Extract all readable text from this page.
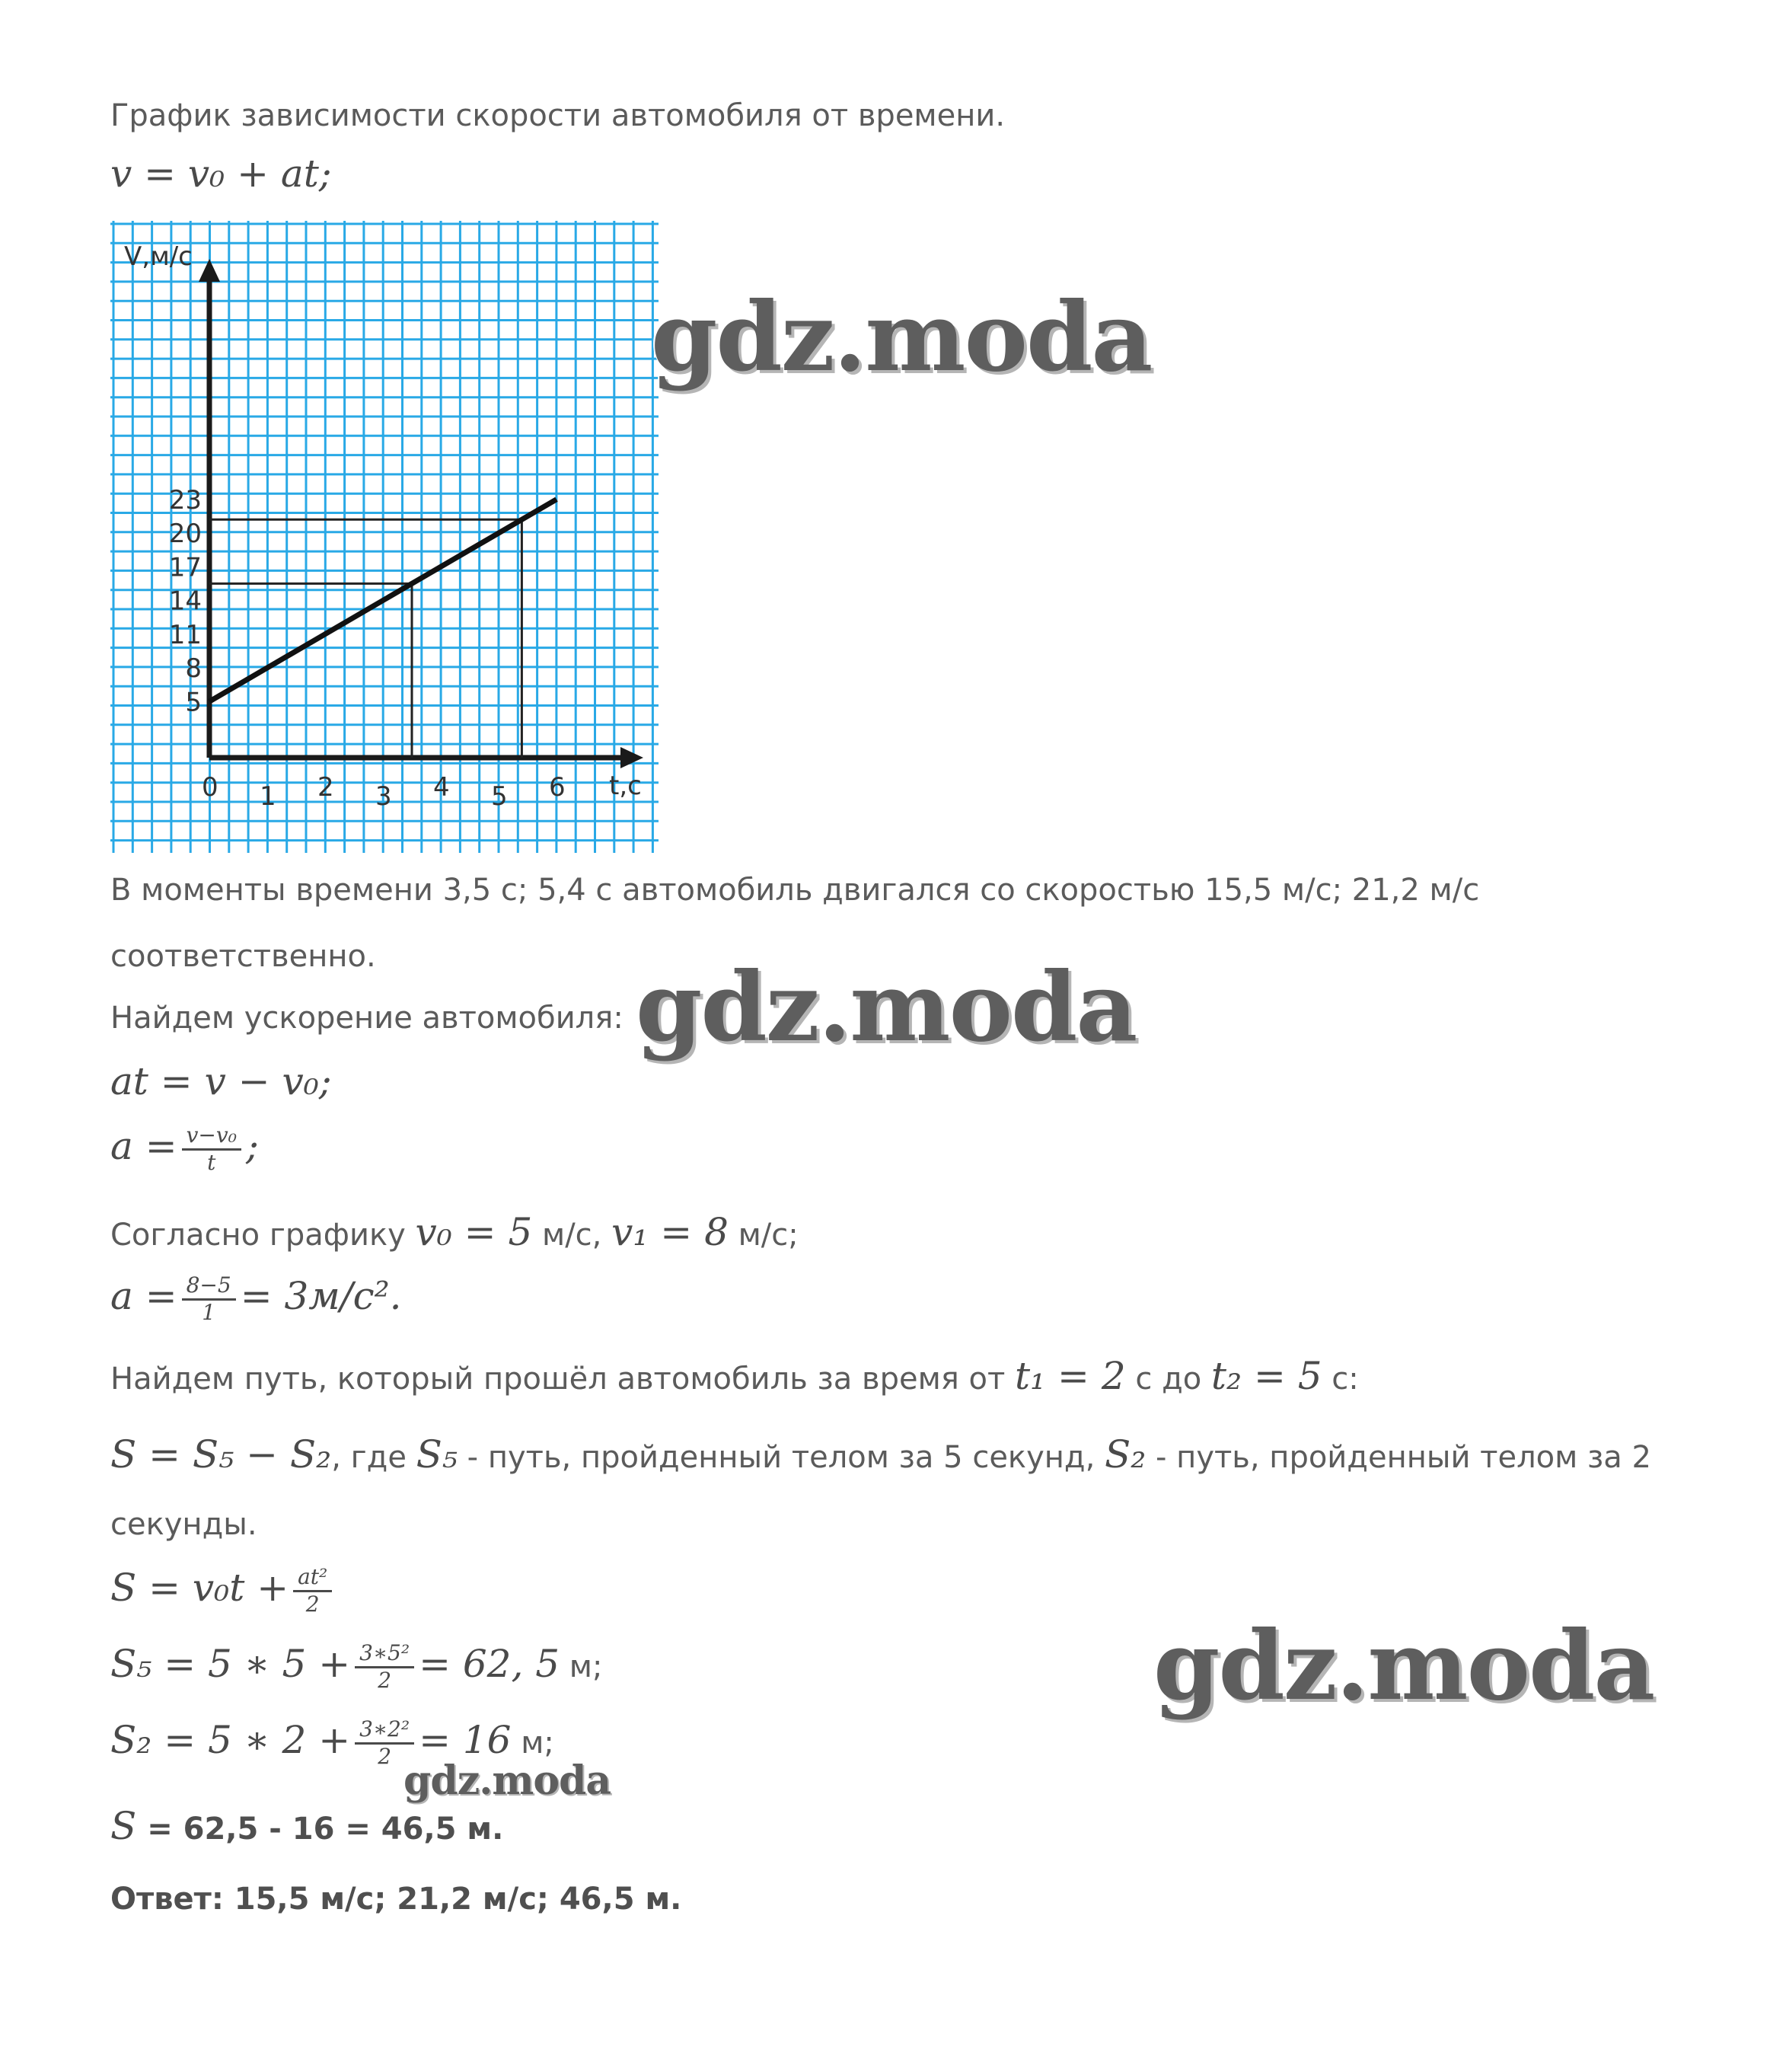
График зависимости скорости автомобиля от времени.
v = v₀ + at;
V,м/с
t,c
0 1 2 3 4 5 6
5
8
11
14
17
20
23
gdz.moda
В моменты времени 3,5 с; 5,4 с автомобиль двигался со скоростью 15,5 м/с; 21,2 м/с
соответственно.
Найдем ускорение автомобиля: gdz.moda
at = v − v₀;
$a = \frac{\text{v−v₀}}{t}$ ;
Согласно графику v₀ = 5 м/с, v₁ = 8 м/с;
$a = \frac{8-5}{1} = 3м/с^2$.
Найдем путь, который прошёл автомобиль за время от t₁ = 2 с до t₂ = 5 с:
S = S₅ − S₂, где S₅ - путь, пройденный телом за 5 секунд, S₂ - путь, пройденный телом за 2
секунды.
$S = v_0t + \frac{\text{at²}}{2}$
S₅ = 5 ∗ $5 + \frac{\text{3∗5²}}{2} = 62$, 5 м;	gdz.moda
S₂ = 5 ∗ $2 + \frac{\text{3∗2²}}{2} = 16$ м;
gdz.moda
S = 62,5 - 16 = 46,5 м.
Ответ: 15,5 м/с; 21,2 м/с; 46,5 м.
